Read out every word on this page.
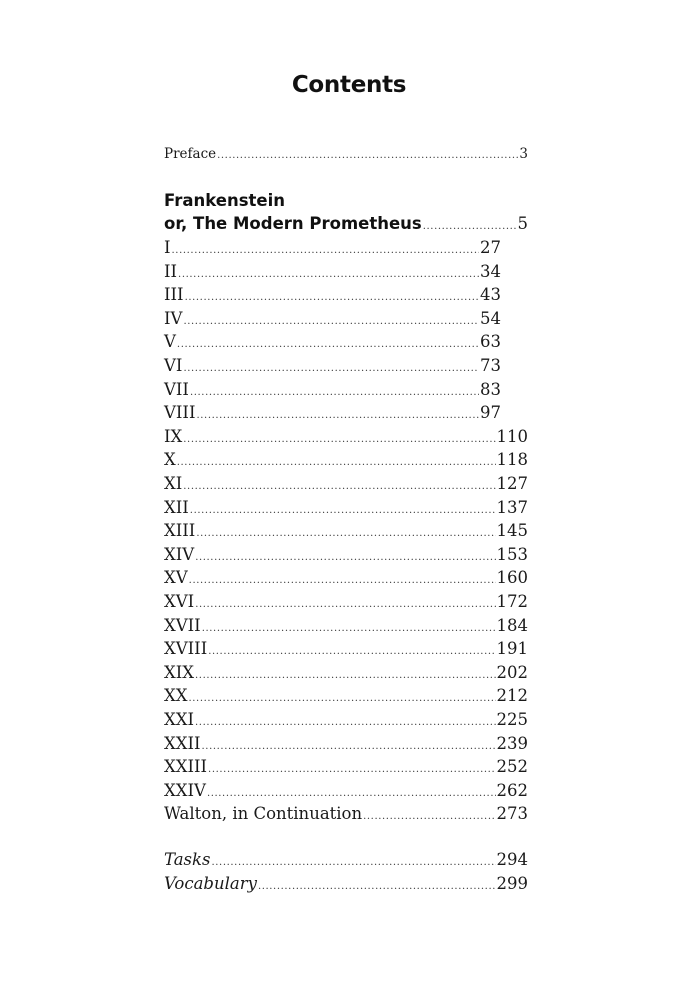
Contents
Preface .....	3
Frankenstein
or, The Modern Prometheus .....	5
I .....	27
II .....	34
III .....	43
IV .....	54
V .....	63
VI .....	73
VII .....	83
VIII .....	97
IX .....	110
X .....	118
XI .....	127
XII .....	137
XIII .....	145
XIV .....	153
XV .....	160
XVI .....	172
XVII .....	184
XVIII .....	191
XIX .....	202
XX .....	212
XXI .....	225
XXII .....	239
XXIII .....	252
XXIV .....	262
Walton, in Continuation .....	273
Tasks .....	294
Vocabulary .....	299
